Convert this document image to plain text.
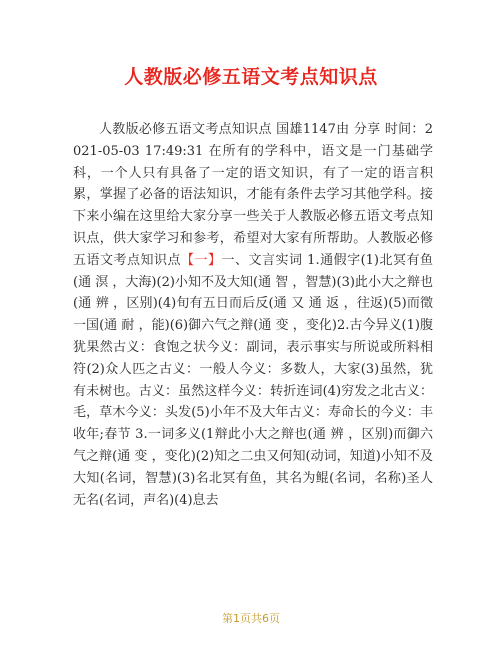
人教版必修五语文考点知识点
人教版必修五语文考点知识点 国雄1147由 分享 时间：2021-05-03 17:49:31 在所有的学科中，语文是一门基础学科，一个人只有具备了一定的语文知识，有了一定的语言积累，掌握了必备的语法知识，才能有条件去学习其他学科。接下来小编在这里给大家分享一些关于人教版必修五语文考点知识点，供大家学习和参考，希望对大家有所帮助。人教版必修五语文考点知识点【一】一、文言实词 1.通假字(1)北冥有鱼(通 溟 ，大海)(2)小知不及大知(通 智 ，智慧)(3)此小大之辩也(通 辨 ，区别)(4)旬有五日而后反(通 又 通 返 ，往返)(5)而徵一国(通 耐 ，能)(6)御六气之辩(通 变 ，变化)2.古今异义(1)腹犹果然古义：食饱之状今义：副词，表示事实与所说或所料相符(2)众人匹之古义：一般人今义：多数人，大家(3)虽然，犹有未树也。古义：虽然这样今义：转折连词(4)穷发之北古义：毛，草木今义：头发(5)小年不及大年古义：寿命长的今义：丰收年;春节 3.一词多义(1辩此小大之辩也(通 辨 ，区别)而御六气之辩(通 变 ，变化)(2)知之二虫又何知(动词，知道)小知不及大知(名词，智慧)(3)名北冥有鱼，其名为鲲(名词，名称)圣人无名(名词，声名)(4)息去
第1页共6页
